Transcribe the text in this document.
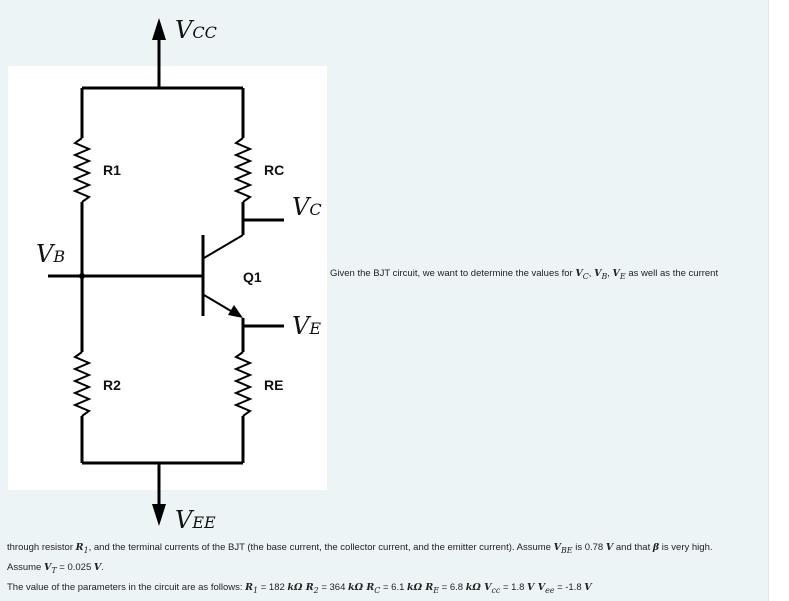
VCC
R1
R2
VB
Q1
RC
VC
RE
VE
VEE
Given the BJT circuit, we want to determine the values for $V_C$, $V_B$, $V_E$ as well as the current
through resistor $R_1$, and the terminal currents of the BJT (the base current, the collector current, and the emitter current). Assume $V_{BE}$ is 0.78 V and that β is very high.
Assume $V_T = 0.025$ V.
The value of the parameters in the circuit are as follows: $R_1 = 182$ kΩ $R_2 = 364$ kΩ $R_C = 6.1$ kΩ $R_E = 6.8$ kΩ $V_{cc} = 1.8$ V $V_{ee} = -1.8$ V
